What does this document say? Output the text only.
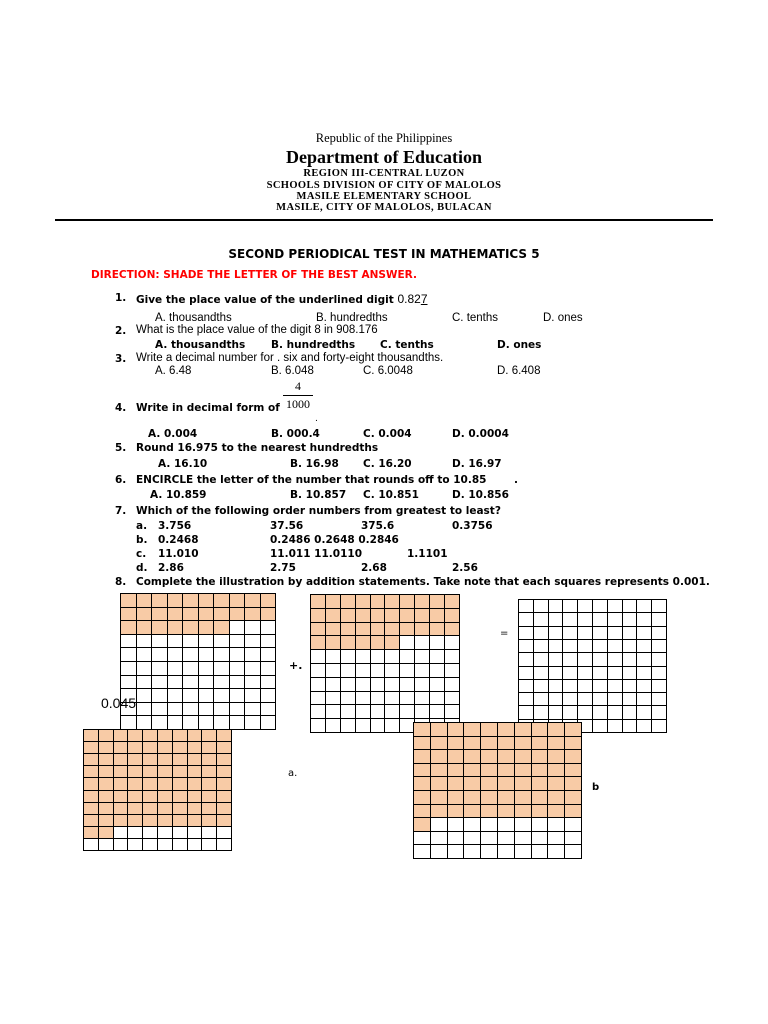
Republic of the Philippines
Department of Education
REGION III-CENTRAL LUZON
SCHOOLS DIVISION OF CITY OF MALOLOS
MASILE ELEMENTARY SCHOOL
MASILE, CITY OF MALOLOS, BULACAN
SECOND PERIODICAL TEST IN MATHEMATICS 5
DIRECTION: SHADE THE LETTER OF THE BEST ANSWER.
1. Give the place value of the underlined digit 0.827
A. thousandths	B. hundredths	C. tenths	D. ones
2. What is the place value of the digit 8 in 908.176
A. thousandths B. hundredths C. tenths	D. ones
3. Write a decimal number for . six and forty-eight thousandths.
A. 6.48	B. 6.048	C. 6.0048	D. 6.408
4. Write in decimal form of $\frac{4}{1000}$
.
A. 0.004	B. 000.4	C. 0.004	D. 0.0004
5. Round 16.975 to the nearest hundredths
A. 16.10	B. 16.98 C. 16.20	D. 16.97
6. ENCIRCLE the letter of the number that rounds off to 10.85	.
A. 10.859	B. 10.857 C. 10.851	D. 10.856
7. Which of the following order numbers from greatest to least?
a. 3.756	37.56	375.6	0.3756
b. 0.2468	0.2486 0.2648 0.2846
c. 11.010	11.011 11.0110	1.1101
d. 2.86	2.75	2.68	2.56
8. Complete the illustration by addition statements. Take note that each squares represents 0.001.
+.
=
0.045
a.
b
